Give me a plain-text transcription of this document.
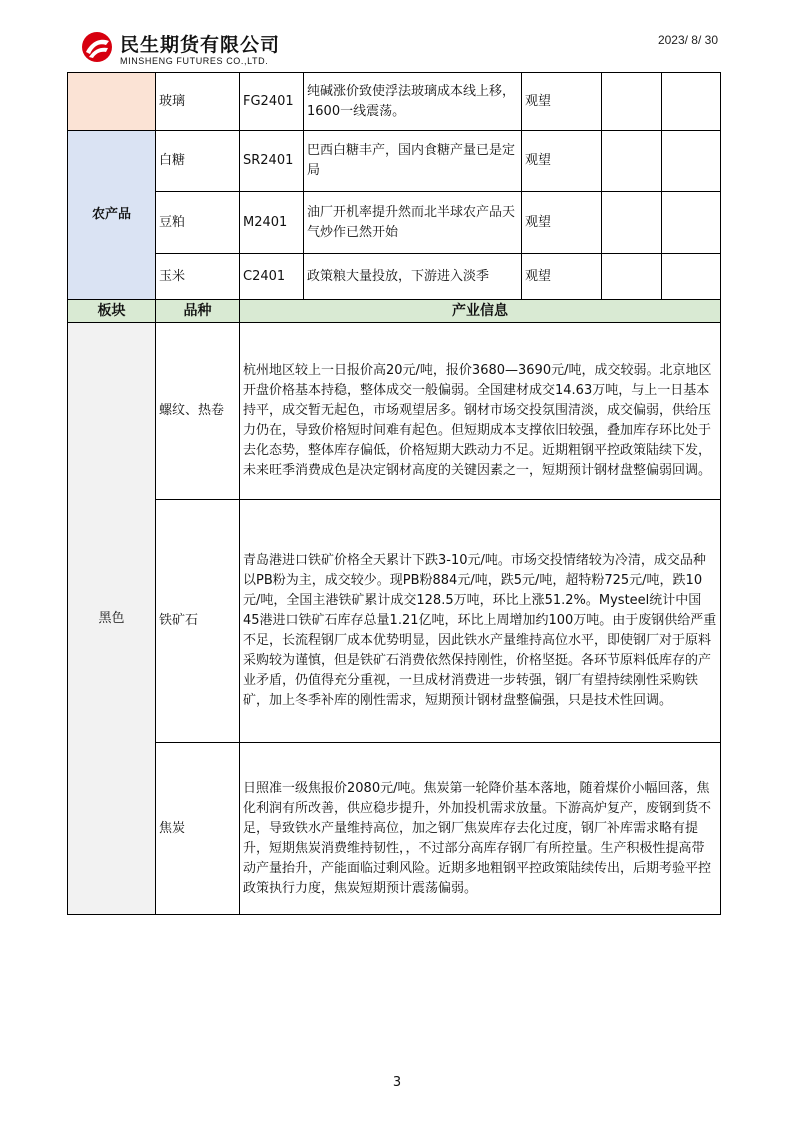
民生期货有限公司
MINSHENG FUTURES CO.,LTD.
2023/ 8/ 30
	玻璃	FG2401	纯碱涨价致使浮法玻璃成本线上移，1600一线震荡。	观望		
农产品	白糖	SR2401	巴西白糖丰产，国内食糖产量已是定局	观望		
	豆粕	M2401	油厂开机率提升然而北半球农产品天气炒作已然开始	观望		
	玉米	C2401	政策粮大量投放，下游进入淡季	观望		
板块	品种	产业信息				
黑色	螺纹、热卷	杭州地区较上一日报价高20元/吨，报价3680—3690元/吨，成交较弱。北京地区开盘价格基本持稳，整体成交一般偏弱。全国建材成交14.63万吨，与上一日基本持平，成交暂无起色，市场观望居多。钢材市场交投氛围清淡，成交偏弱，供给压力仍在，导致价格短时间难有起色。但短期成本支撑依旧较强，叠加库存环比处于去化态势，整体库存偏低，价格短期大跌动力不足。近期粗钢平控政策陆续下发，未来旺季消费成色是决定钢材高度的关键因素之一，短期预计钢材盘整偏弱回调。				

	铁矿石	青岛港进口铁矿价格全天累计下跌3-10元/吨。市场交投情绪较为冷清，成交品种以PB粉为主，成交较少。现PB粉884元/吨，跌5元/吨，超特粉725元/吨，跌10元/吨，全国主港铁矿累计成交128.5万吨，环比上涨51.2%。Mysteel统计中国45港进口铁矿石库存总量1.21亿吨，环比上周增加约100万吨。由于废钢供给严重不足，长流程钢厂成本优势明显，因此铁水产量维持高位水平，即使钢厂对于原料采购较为谨慎，但是铁矿石消费依然保持刚性，价格坚挺。各环节原料低库存的产业矛盾，仍值得充分重视，一旦成材消费进一步转强，钢厂有望持续刚性采购铁矿，加上冬季补库的刚性需求，短期预计钢材盘整偏强，只是技术性回调。				

	焦炭	日照准一级焦报价2080元/吨。焦炭第一轮降价基本落地，随着煤价小幅回落，焦化利润有所改善，供应稳步提升，外加投机需求放量。下游高炉复产，废钢到货不足，导致铁水产量维持高位，加之钢厂焦炭库存去化过度，钢厂补库需求略有提升，短期焦炭消费维持韧性，，不过部分高库存钢厂有所控量。生产积极性提高带动产量抬升，产能面临过剩风险。近期多地粗钢平控政策陆续传出，后期考验平控政策执行力度，焦炭短期预计震荡偏弱。				
3
